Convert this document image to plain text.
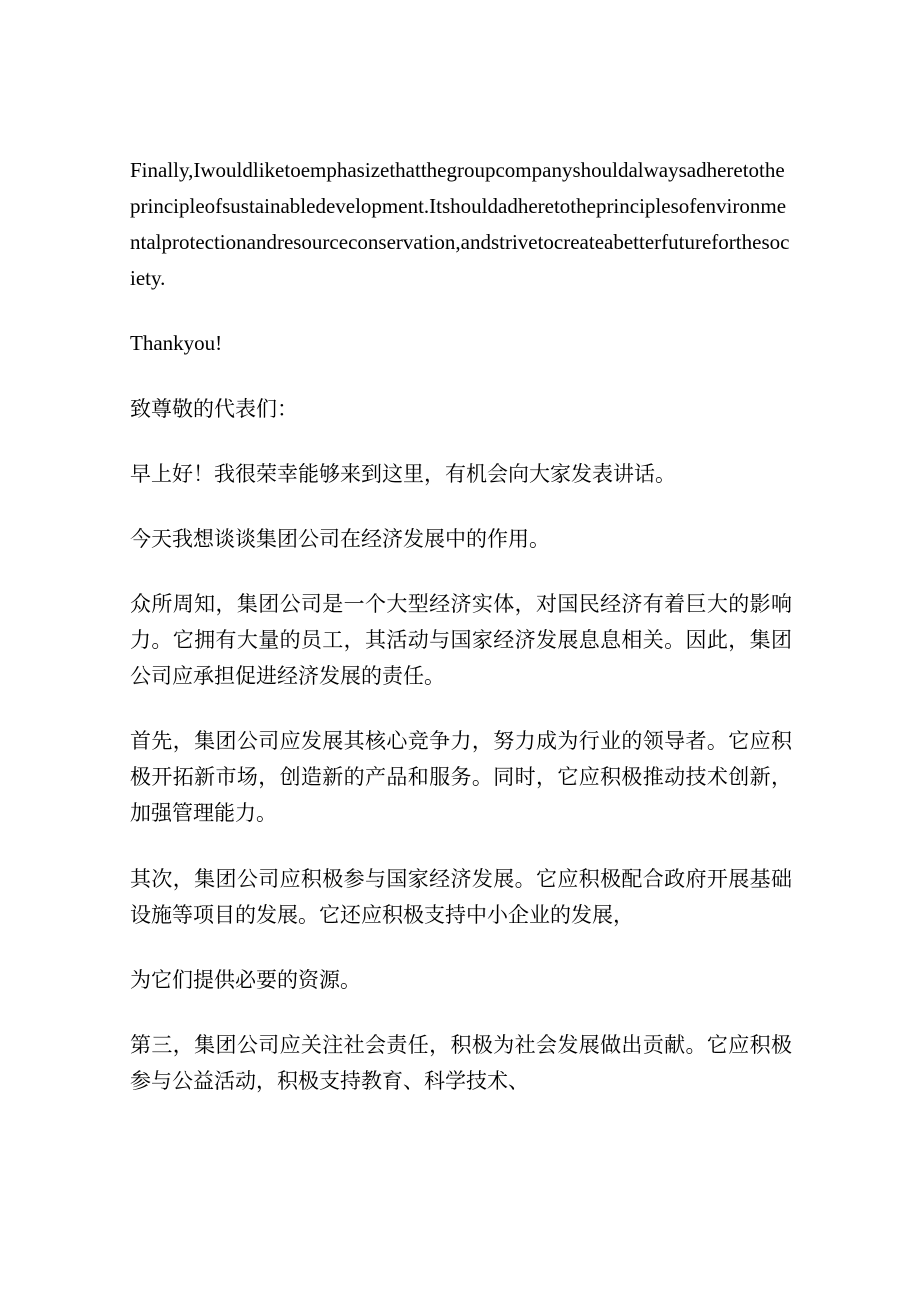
Finally,Iwouldliketoemphasizethatthegroupcompanyshouldalwaysadheretotheprincipleofsustainabledevelopment.Itshouldadheretotheprinciplesofenvironmentalprotectionandresourceconservation,andstrivetocreateabetterfutureforthesociety.

Thankyou!

致尊敬的代表们：

早上好！我很荣幸能够来到这里，有机会向大家发表讲话。

今天我想谈谈集团公司在经济发展中的作用。

众所周知，集团公司是一个大型经济实体，对国民经济有着巨大的影响力。它拥有大量的员工，其活动与国家经济发展息息相关。因此，集团公司应承担促进经济发展的责任。

首先，集团公司应发展其核心竞争力，努力成为行业的领导者。它应积极开拓新市场，创造新的产品和服务。同时，它应积极推动技术创新，加强管理能力。

其次，集团公司应积极参与国家经济发展。它应积极配合政府开展基础设施等项目的发展。它还应积极支持中小企业的发展，

为它们提供必要的资源。

第三，集团公司应关注社会责任，积极为社会发展做出贡献。它应积极参与公益活动，积极支持教育、科学技术、
